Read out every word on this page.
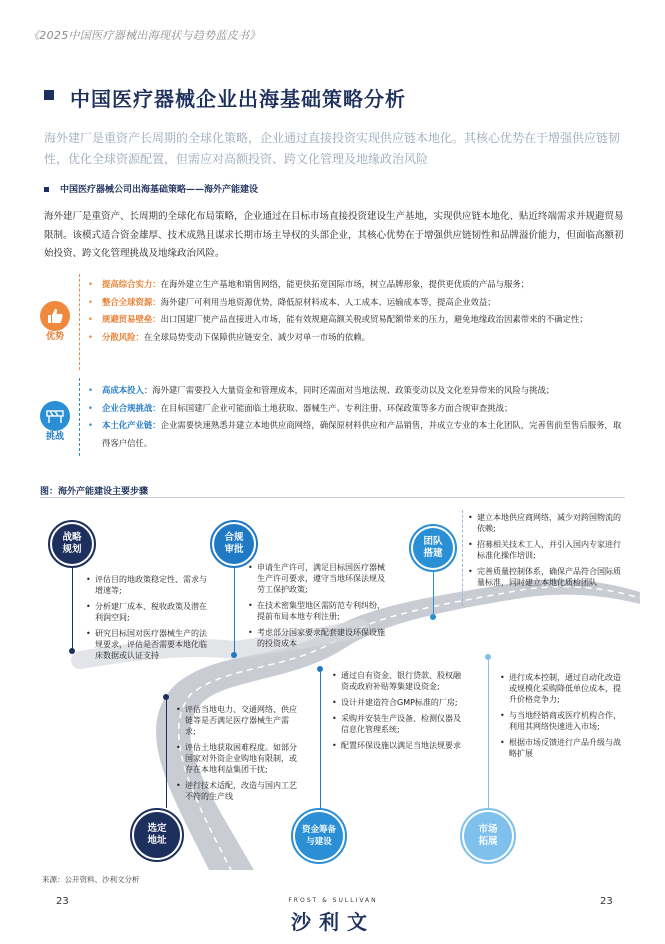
《2025中国医疗器械出海现状与趋势蓝皮书》
中国医疗器械企业出海基础策略分析
海外建厂是重资产长周期的全球化策略，企业通过直接投资实现供应链本地化。其核心优势在于增强供应链韧性，优化全球资源配置，但需应对高额投资、跨文化管理及地缘政治风险
中国医疗器械公司出海基础策略——海外产能建设
海外建厂是重资产、长周期的全球化布局策略，企业通过在目标市场直接投资建设生产基地，实现供应链本地化、贴近终端需求并规避贸易限制。该模式适合资金雄厚、技术成熟且谋求长期市场主导权的头部企业，其核心优势在于增强供应链韧性和品牌溢价能力，但面临高额初始投资、跨文化管理挑战及地缘政治风险。
优势
• 提高综合实力：在海外建立生产基地和销售网络，能更快拓宽国际市场，树立品牌形象，提供更优质的产品与服务；
• 整合全球资源：海外建厂可利用当地资源优势，降低原材料成本、人工成本、运输成本等，提高企业效益；
• 规避贸易壁垒：出口国建厂使产品直接进入市场，能有效规避高额关税或贸易配额带来的压力，避免地缘政治因素带来的不确定性；
• 分散风险：在全球局势变动下保障供应链安全、减少对单一市场的依赖。
挑战
• 高成本投入：海外建厂需要投入大量资金和管理成本，同时还需面对当地法规、政策变动以及文化差异带来的风险与挑战；
• 企业合规挑战：在目标国建厂企业可能面临土地获取、器械生产、专利注册、环保政策等多方面合规审查挑战；
• 本土化产业链：企业需要快速熟悉并建立本地供应商网络，确保原材料供应和产品销售，并成立专业的本土化团队，完善售前至售后服务，取得客户信任。
图：海外产能建设主要步骤
战略
规划
• 评估目的地政策稳定性、需求与增速等;
• 分析建厂成本、税收政策及潜在利润空间;
• 研究目标国对医疗器械生产的法规要求，评估是否需要本地化临床数据或认证支持
选定
地址
• 评估当地电力、交通网络、供应链等是否满足医疗器械生产需求;
• 评估土地获取困难程度。如部分国家对外资企业购地有限制，或存在本地利益集团干扰;
• 进行技术适配，改造与国内工艺不符的生产线
合规
审批
• 申请生产许可，满足目标国医疗器械生产许可要求，遵守当地环保法规及劳工保护政策;
• 在技术密集型地区需防范专利纠纷，提前布局本地专利注册;
• 考虑部分国家要求配套建设环保设施的投资成本
资金筹备
与建设
• 通过自有资金、银行贷款、股权融资或政府补贴筹集建设资金;
• 设计并建造符合GMP标准的厂房;
• 采购并安装生产设备、检测仪器及信息化管理系统;
• 配置环保设施以满足当地法规要求
团队
搭建
• 建立本地供应商网络，减少对跨国物流的依赖;
• 招募相关技术工人，并引入国内专家进行标准化操作培训;
• 完善质量控制体系，确保产品符合国际质量标准，同时建立本地化质检团队
市场
拓展
• 进行成本控制，通过自动化改造或规模化采购降低单位成本，提升价格竞争力;
• 与当地经销商或医疗机构合作，利用其网络快速进入市场;
• 根据市场反馈进行产品升级与战略扩展
来源：公开资料、沙利文分析
23	23
FROST & SULLIVAN
沙利文
